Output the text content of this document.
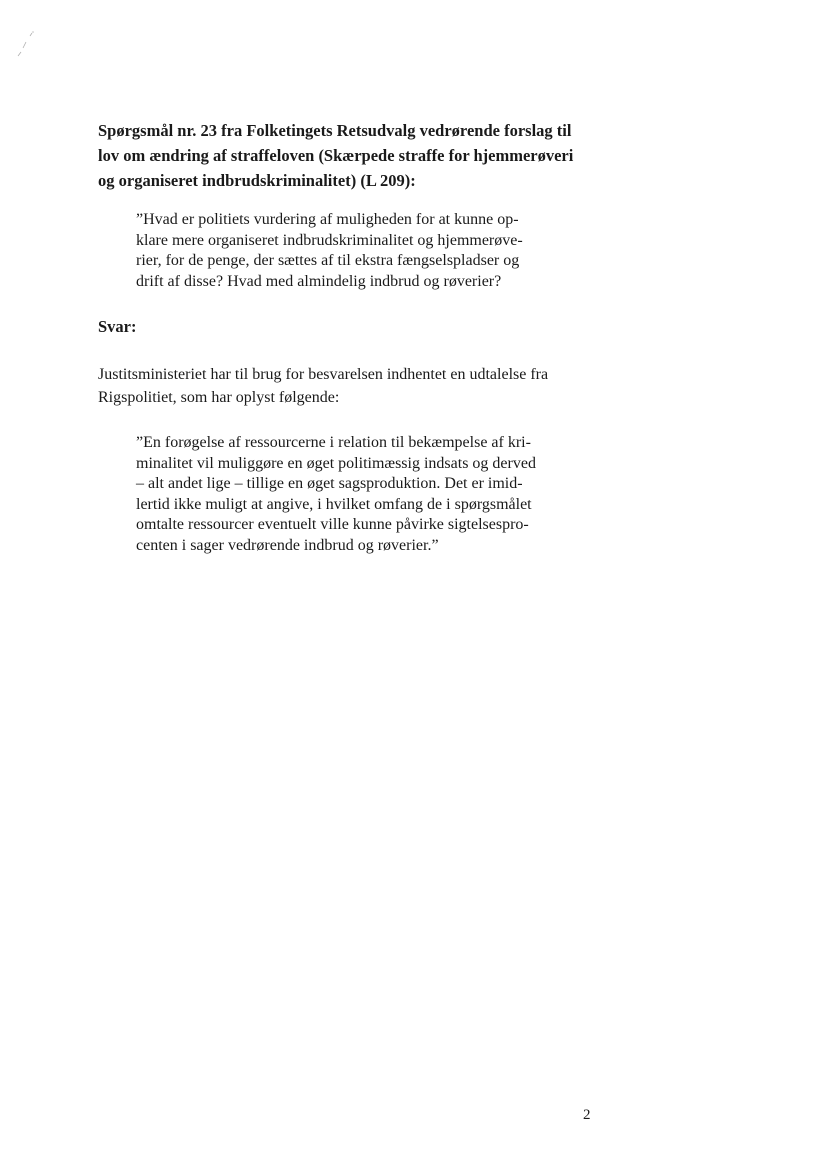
Spørgsmål nr. 23 fra Folketingets Retsudvalg vedrørende forslag til
lov om ændring af straffeloven (Skærpede straffe for hjemmerøveri
og organiseret indbrudskriminalitet) (L 209):
”Hvad er politiets vurdering af muligheden for at kunne op-
klare mere organiseret indbrudskriminalitet og hjemmerøve-
rier, for de penge, der sættes af til ekstra fængselspladser og
drift af disse? Hvad med almindelig indbrud og røverier?
Svar:
Justitsministeriet har til brug for besvarelsen indhentet en udtalelse fra
Rigspolitiet, som har oplyst følgende:
”En forøgelse af ressourcerne i relation til bekæmpelse af kri-
minalitet vil muliggøre en øget politimæssig indsats og derved
– alt andet lige – tillige en øget sagsproduktion. Det er imid-
lertid ikke muligt at angive, i hvilket omfang de i spørgsmålet
omtalte ressourcer eventuelt ville kunne påvirke sigtelsespro-
centen i sager vedrørende indbrud og røverier.”
2
